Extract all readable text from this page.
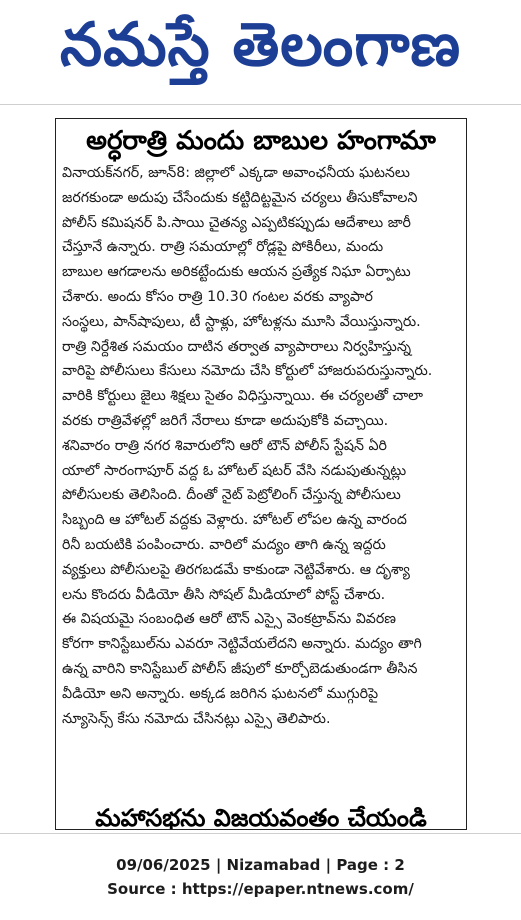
నమస్తే తెలంగాణ
అర్ధరాత్రి మందు బాబుల హంగామా
వినాయక్‌నగర్, జూన్8: జిల్లాలో ఎక్కడా అవాంఛనీయ ఘటనలు
జరగకుండా అదుపు చేసేందుకు కట్టిదిట్టమైన చర్యలు తీసుకోవాలని
పోలీస్ కమిషనర్ పి.సాయి చైతన్య ఎప్పటికప్పుడు ఆదేశాలు జారీ
చేస్తూనే ఉన్నారు. రాత్రి సమయాల్లో రోడ్లపై పోకిరీలు, మందు
బాబుల ఆగడాలను అరికట్టేందుకు ఆయన ప్రత్యేక నిఘా ఏర్పాటు
చేశారు. అందు కోసం రాత్రి 10.30 గంటల వరకు వ్యాపార
సంస్థలు, పాన్‌షాపులు, టీ స్టాళ్లు, హోటళ్లను మూసి వేయిస్తున్నారు.
రాత్రి నిర్దేశిత సమయం దాటిన తర్వాత వ్యాపారాలు నిర్వహిస్తున్న
వారిపై పోలీసులు కేసులు నమోదు చేసి కోర్టులో హాజరుపరుస్తున్నారు.
వారికి కోర్టులు జైలు శిక్షలు సైతం విధిస్తున్నాయి. ఈ చర్యలతో చాలా
వరకు రాత్రివేళల్లో జరిగే నేరాలు కూడా అదుపుకోకి వచ్చాయి.
శనివారం రాత్రి నగర శివారులోని ఆరో టౌన్ పోలీస్ స్టేషన్ ఏరి
యాలో సారంగాపూర్ వద్ద ఓ హోటల్ షటర్ వేసి నడుపుతున్నట్లు
పోలీసులకు తెలిసింది. దీంతో నైట్ పెట్రోలింగ్ చేస్తున్న పోలీసులు
సిబ్బంది ఆ హోటల్ వద్దకు వెళ్లారు. హోటల్ లోపల ఉన్న వారంద
రినీ బయటికి పంపించారు. వారిలో మద్యం తాగి ఉన్న ఇద్దరు
వ్యక్తులు పోలీసులపై తిరగబడమే కాకుండా నెట్టివేశారు. ఆ దృశ్యా
లను కొందరు వీడియో తీసి సోషల్ మీడియాలో పోస్ట్ చేశారు.
ఈ విషయమై సంబంధిత ఆరో టౌన్ ఎస్సై వెంకట్రావ్‌ను వివరణ
కోరగా కానిస్టేబుల్‌ను ఎవరూ నెట్టివేయలేదని అన్నారు. మద్యం తాగి
ఉన్న వారిని కానిస్టేబుల్ పోలీస్ జీపులో కూర్చోబెడుతుండగా తీసిన
వీడియో అని అన్నారు. అక్కడ జరిగిన ఘటనలో ముగ్గురిపై
న్యూసెన్స్ కేసు నమోదు చేసినట్లు ఎస్సై తెలిపారు.
మహాసభను విజయవంతం చేయండి
09/06/2025 | Nizamabad | Page : 2
Source : https://epaper.ntnews.com/
